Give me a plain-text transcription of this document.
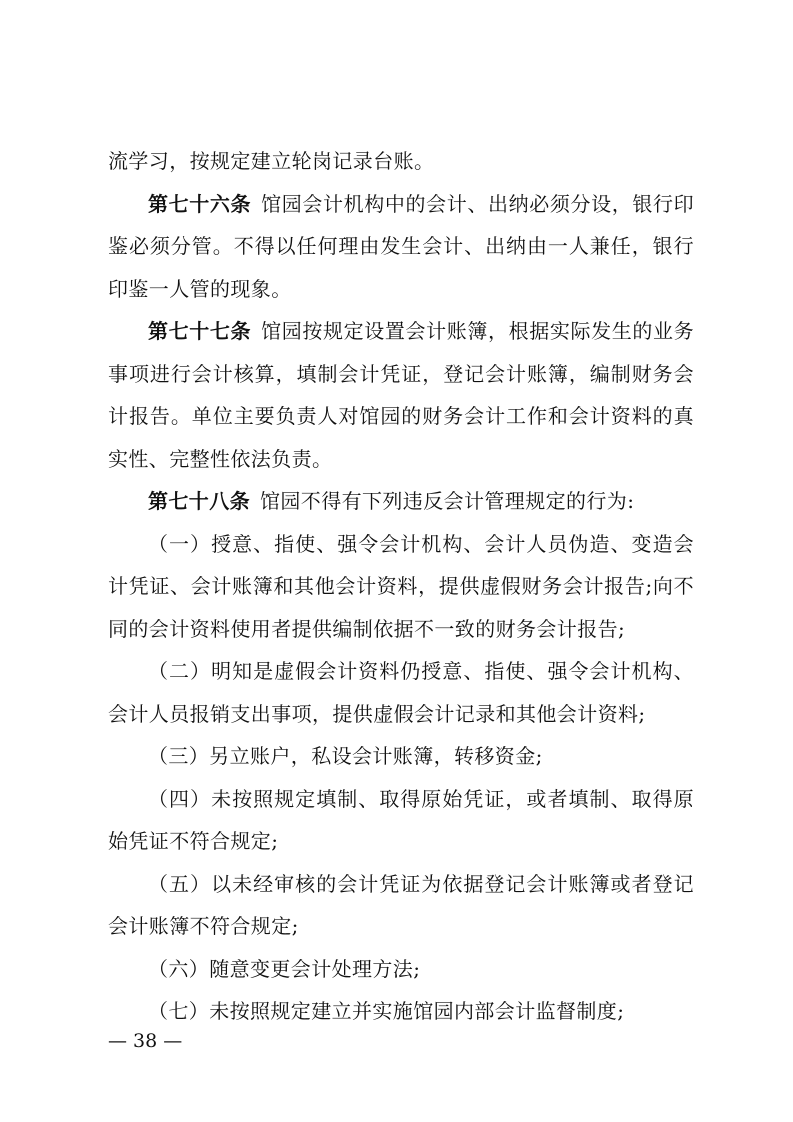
流学习，按规定建立轮岗记录台账。

第七十六条 馆园会计机构中的会计、出纳必须分设，银行印鉴必须分管。不得以任何理由发生会计、出纳由一人兼任，银行印鉴一人管的现象。

第七十七条 馆园按规定设置会计账簿，根据实际发生的业务事项进行会计核算，填制会计凭证，登记会计账簿，编制财务会计报告。单位主要负责人对馆园的财务会计工作和会计资料的真实性、完整性依法负责。

第七十八条 馆园不得有下列违反会计管理规定的行为:

（一）授意、指使、强令会计机构、会计人员伪造、变造会计凭证、会计账簿和其他会计资料，提供虚假财务会计报告;向不同的会计资料使用者提供编制依据不一致的财务会计报告;

（二）明知是虚假会计资料仍授意、指使、强令会计机构、会计人员报销支出事项，提供虚假会计记录和其他会计资料;

（三）另立账户，私设会计账簿，转移资金;

（四）未按照规定填制、取得原始凭证，或者填制、取得原始凭证不符合规定;

（五）以未经审核的会计凭证为依据登记会计账簿或者登记会计账簿不符合规定;

（六）随意变更会计处理方法;

（七）未按照规定建立并实施馆园内部会计监督制度;

— 38 —
